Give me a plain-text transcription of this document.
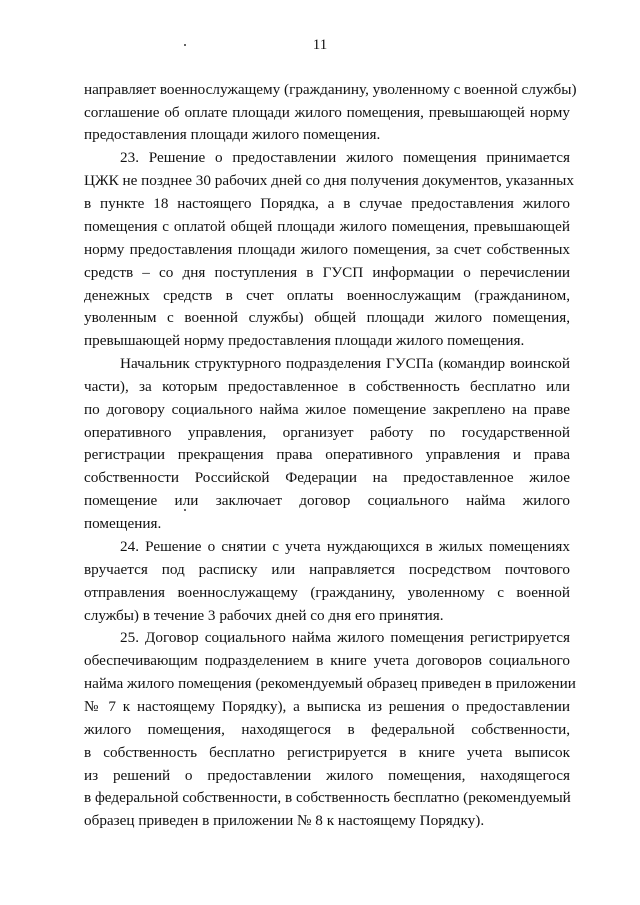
11
направляет военнослужащему (гражданину, уволенному с военной службы)
соглашение об оплате площади жилого помещения, превышающей норму
предоставления площади жилого помещения.
23. Решение о предоставлении жилого помещения принимается
ЦЖК не позднее 30 рабочих дней со дня получения документов, указанных
в пункте 18 настоящего Порядка, а в случае предоставления жилого
помещения с оплатой общей площади жилого помещения, превышающей
норму предоставления площади жилого помещения, за счет собственных
средств – со дня поступления в ГУСП информации о перечислении
денежных средств в счет оплаты военнослужащим (гражданином,
уволенным с военной службы) общей площади жилого помещения,
превышающей норму предоставления площади жилого помещения.
Начальник структурного подразделения ГУСПа (командир воинской
части), за которым предоставленное в собственность бесплатно или
по договору социального найма жилое помещение закреплено на праве
оперативного управления, организует работу по государственной
регистрации прекращения права оперативного управления и права
собственности Российской Федерации на предоставленное жилое
помещение или заключает договор социального найма жилого
помещения.
24. Решение о снятии с учета нуждающихся в жилых помещениях
вручается под расписку или направляется посредством почтового
отправления военнослужащему (гражданину, уволенному с военной
службы) в течение 3 рабочих дней со дня его принятия.
25. Договор социального найма жилого помещения регистрируется
обеспечивающим подразделением в книге учета договоров социального
найма жилого помещения (рекомендуемый образец приведен в приложении
№ 7 к настоящему Порядку), а выписка из решения о предоставлении
жилого помещения, находящегося в федеральной собственности,
в собственность бесплатно регистрируется в книге учета выписок
из решений о предоставлении жилого помещения, находящегося
в федеральной собственности, в собственность бесплатно (рекомендуемый
образец приведен в приложении № 8 к настоящему Порядку).
